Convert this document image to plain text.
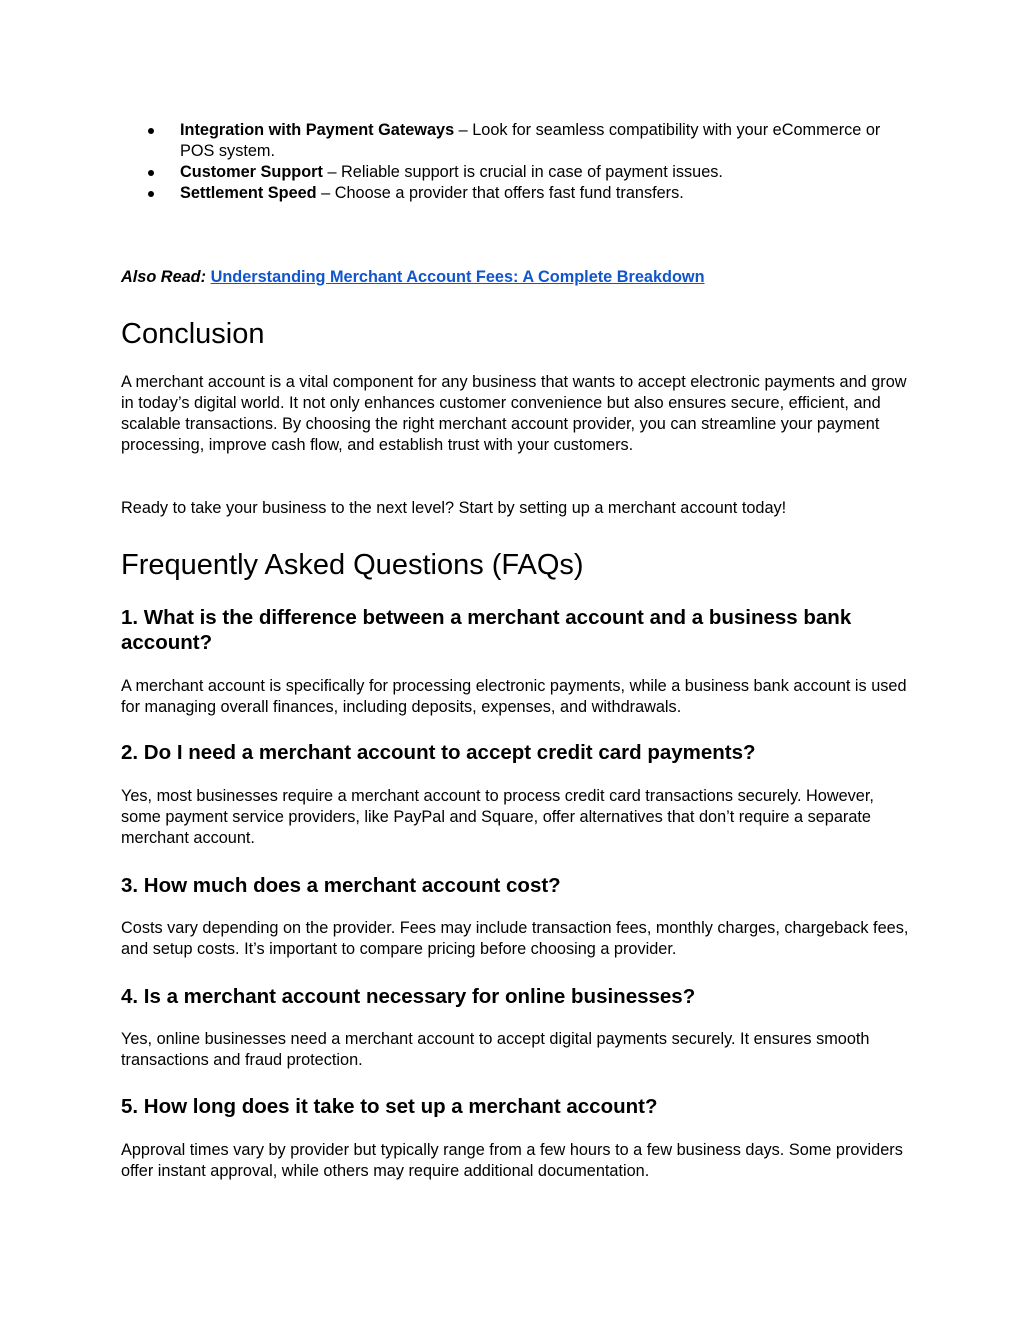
Integration with Payment Gateways – Look for seamless compatibility with your eCommerce or POS system.
Customer Support – Reliable support is crucial in case of payment issues.
Settlement Speed – Choose a provider that offers fast fund transfers.
Also Read: Understanding Merchant Account Fees: A Complete Breakdown
Conclusion

A merchant account is a vital component for any business that wants to accept electronic payments and grow in today’s digital world. It not only enhances customer convenience but also ensures secure, efficient, and scalable transactions. By choosing the right merchant account provider, you can streamline your payment processing, improve cash flow, and establish trust with your customers.

Ready to take your business to the next level? Start by setting up a merchant account today!

Frequently Asked Questions (FAQs)
1. What is the difference between a merchant account and a business bank account?

A merchant account is specifically for processing electronic payments, while a business bank account is used for managing overall finances, including deposits, expenses, and withdrawals.

2. Do I need a merchant account to accept credit card payments?

Yes, most businesses require a merchant account to process credit card transactions securely. However, some payment service providers, like PayPal and Square, offer alternatives that don’t require a separate merchant account.

3. How much does a merchant account cost?

Costs vary depending on the provider. Fees may include transaction fees, monthly charges, chargeback fees, and setup costs. It’s important to compare pricing before choosing a provider.

4. Is a merchant account necessary for online businesses?

Yes, online businesses need a merchant account to accept digital payments securely. It ensures smooth transactions and fraud protection.

5. How long does it take to set up a merchant account?

Approval times vary by provider but typically range from a few hours to a few business days. Some providers offer instant approval, while others may require additional documentation.
